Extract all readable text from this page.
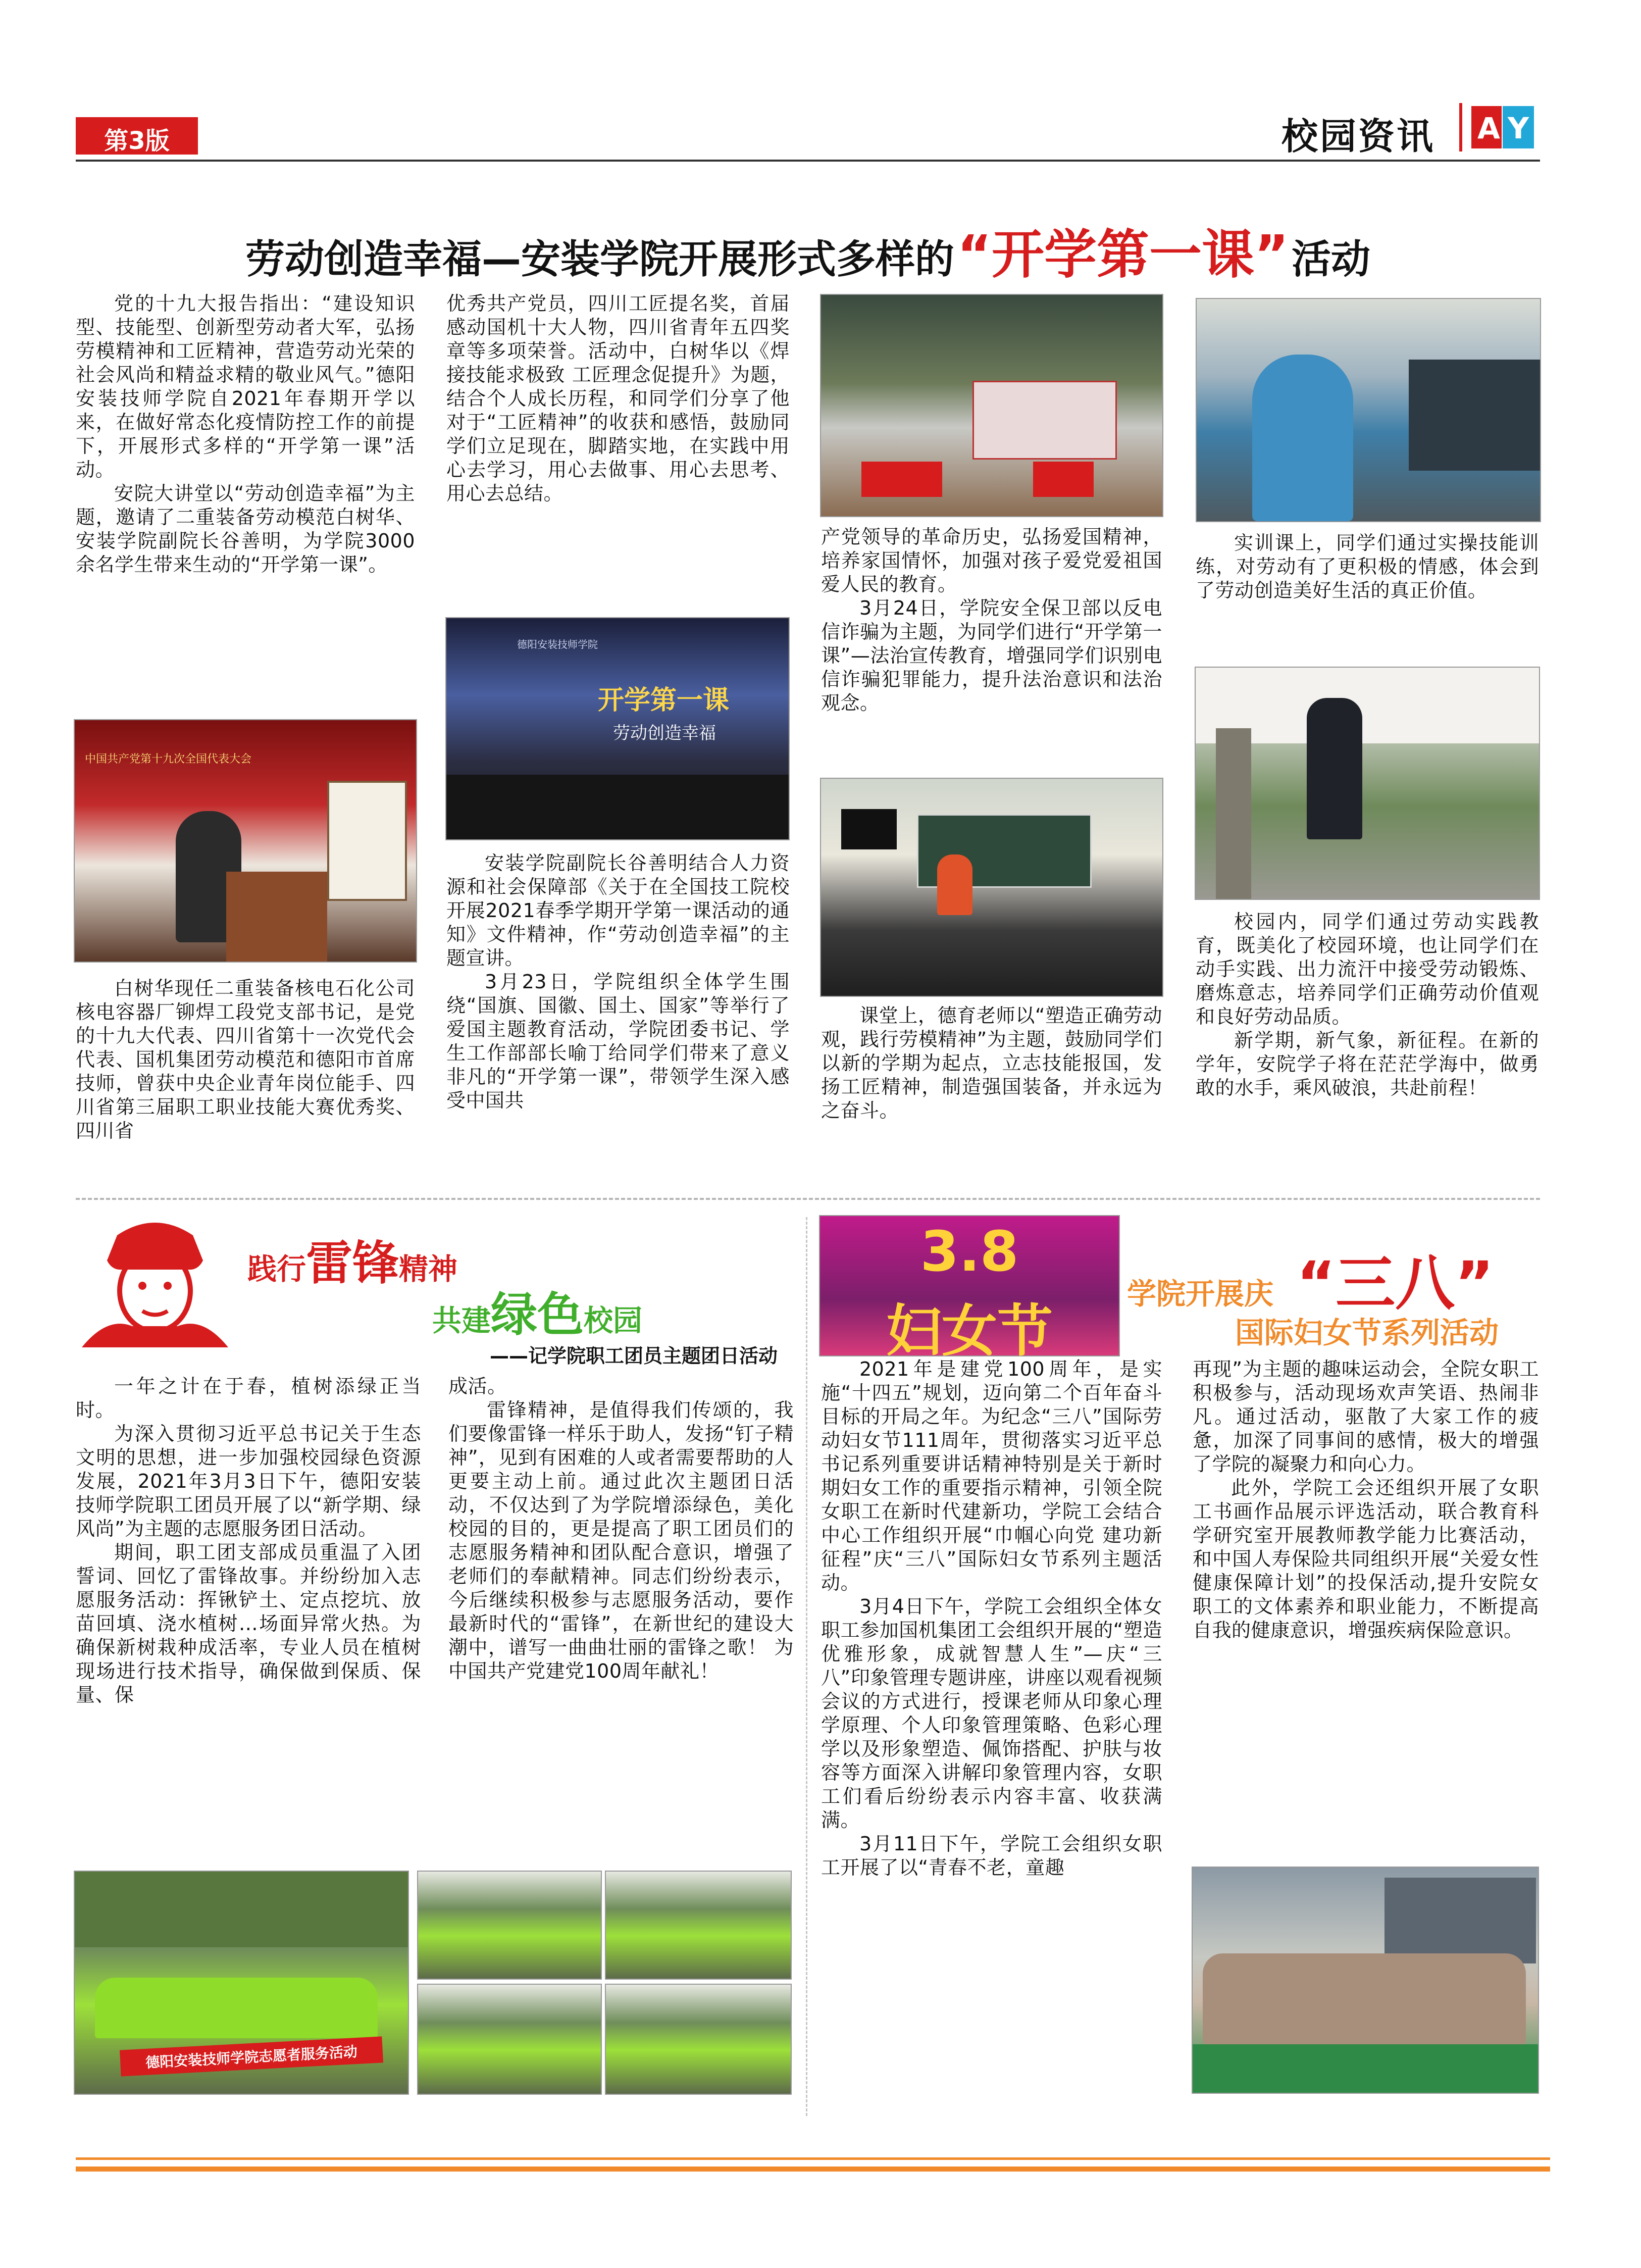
第3版	校园资讯	A Y
劳动创造幸福—安装学院开展形式多样的 “开学第一课” 活动

党的十九大报告指出：“建设知识型、技能型、创新型劳动者大军，弘扬劳模精神和工匠精神，营造劳动光荣的社会风尚和精益求精的敬业风气。”德阳安装技师学院自2021年春期开学以来，在做好常态化疫情防控工作的前提下，开展形式多样的“开学第一课”活动。

安院大讲堂以“劳动创造幸福”为主题，邀请了二重装备劳动模范白树华、安装学院副院长谷善明，为学院3000余名学生带来生动的“开学第一课”。

中国共产党第十九次全国代表大会

白树华现任二重装备核电石化公司核电容器厂铆焊工段党支部书记，是党的十九大代表、四川省第十一次党代会代表、国机集团劳动模范和德阳市首席技师，曾获中央企业青年岗位能手、四川省第三届职工职业技能大赛优秀奖、四川省

优秀共产党员，四川工匠提名奖，首届感动国机十大人物，四川省青年五四奖章等多项荣誉。活动中，白树华以《焊接技能求极致 工匠理念促提升》为题，结合个人成长历程，和同学们分享了他对于“工匠精神”的收获和感悟，鼓励同学们立足现在，脚踏实地，在实践中用心去学习，用心去做事、用心去思考、用心去总结。

德阳安装技师学院
开学第一课
劳动创造幸福

安装学院副院长谷善明结合人力资源和社会保障部《关于在全国技工院校开展2021春季学期开学第一课活动的通知》文件精神，作“劳动创造幸福”的主题宣讲。

3月23日，学院组织全体学生围绕“国旗、国徽、国土、国家”等举行了爱国主题教育活动，学院团委书记、学生工作部部长喻丁给同学们带来了意义非凡的“开学第一课”，带领学生深入感受中国共

产党领导的革命历史，弘扬爱国精神，培养家国情怀，加强对孩子爱党爱祖国爱人民的教育。

3月24日，学院安全保卫部以反电信诈骗为主题，为同学们进行“开学第一课”—法治宣传教育，增强同学们识别电信诈骗犯罪能力，提升法治意识和法治观念。

课堂上，德育老师以“塑造正确劳动观，践行劳模精神”为主题，鼓励同学们以新的学期为起点，立志技能报国，发扬工匠精神，制造强国装备，并永远为之奋斗。

实训课上，同学们通过实操技能训练，对劳动有了更积极的情感，体会到了劳动创造美好生活的真正价值。

校园内，同学们通过劳动实践教育，既美化了校园环境，也让同学们在动手实践、出力流汗中接受劳动锻炼、磨炼意志，培养同学们正确劳动价值观和良好劳动品质。

新学期，新气象，新征程。在新的学年，安院学子将在茫茫学海中，做勇敢的水手，乘风破浪，共赴前程！

践行雷锋精神
共建绿色校园
——记学院职工团员主题团日活动

一年之计在于春，植树添绿正当时。

为深入贯彻习近平总书记关于生态文明的思想，进一步加强校园绿色资源发展，2021年3月3日下午，德阳安装技师学院职工团员开展了以“新学期、绿风尚”为主题的志愿服务团日活动。

期间，职工团支部成员重温了入团誓词、回忆了雷锋故事。并纷纷加入志愿服务活动：挥锹铲土、定点挖坑、放苗回填、浇水植树…场面异常火热。为确保新树栽种成活率，专业人员在植树现场进行技术指导，确保做到保质、保量、保

成活。

雷锋精神，是值得我们传颂的，我们要像雷锋一样乐于助人，发扬“钉子精神”，见到有困难的人或者需要帮助的人更要主动上前。通过此次主题团日活动，不仅达到了为学院增添绿色，美化校园的目的，更是提高了职工团员们的志愿服务精神和团队配合意识，增强了老师们的奉献精神。同志们纷纷表示，今后继续积极参与志愿服务活动，要作最新时代的“雷锋”，在新世纪的建设大潮中，谱写一曲曲壮丽的雷锋之歌！ 为中国共产党建党100周年献礼！

德阳安装技师学院志愿者服务活动
3.8
妇女节
学院开展庆 “三八”
国际妇女节系列活动

2021年是建党100周年，是实施“十四五”规划，迈向第二个百年奋斗目标的开局之年。为纪念“三八”国际劳动妇女节111周年，贯彻落实习近平总书记系列重要讲话精神特别是关于新时期妇女工作的重要指示精神，引领全院女职工在新时代建新功，学院工会结合中心工作组织开展“巾帼心向党 建功新征程”庆“三八”国际妇女节系列主题活动。

3月4日下午，学院工会组织全体女职工参加国机集团工会组织开展的“塑造优雅形象，成就智慧人生”—庆“三 八”印象管理专题讲座，讲座以观看视频会议的方式进行，授课老师从印象心理学原理、个人印象管理策略、色彩心理学以及形象塑造、佩饰搭配、护肤与妆容等方面深入讲解印象管理内容，女职工们看后纷纷表示内容丰富、收获满满。

3月11日下午，学院工会组织女职工开展了以“青春不老，童趣

再现”为主题的趣味运动会，全院女职工积极参与，活动现场欢声笑语、热闹非凡。通过活动，驱散了大家工作的疲惫，加深了同事间的感情，极大的增强了学院的凝聚力和向心力。

此外，学院工会还组织开展了女职工书画作品展示评选活动，联合教育科学研究室开展教师教学能力比赛活动，和中国人寿保险共同组织开展“关爱女性健康保障计划”的投保活动,提升安院女职工的文体素养和职业能力，不断提高自我的健康意识，增强疾病保险意识。
